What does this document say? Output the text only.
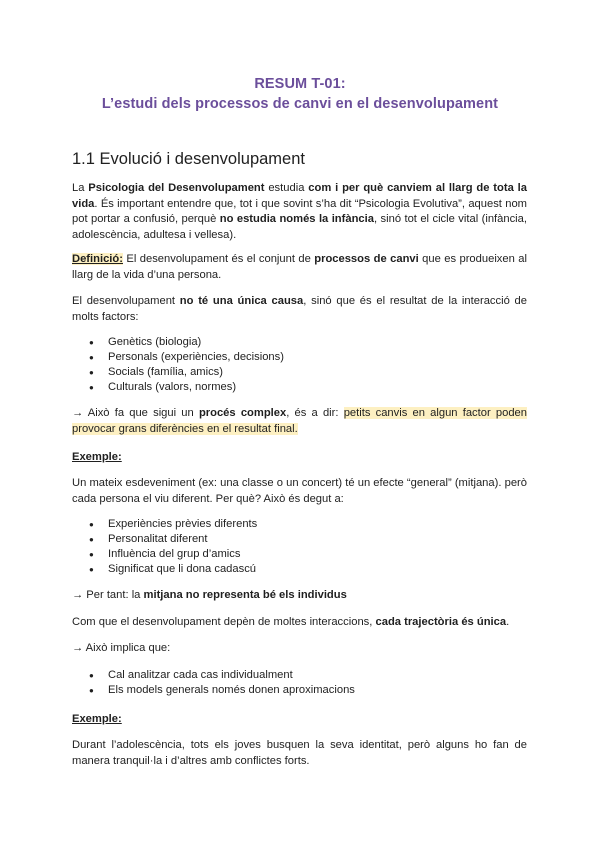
RESUM T-01:
L’estudi dels processos de canvi en el desenvolupament
1.1 Evolució i desenvolupament

La Psicologia del Desenvolupament estudia com i per què canviem al llarg de tota la vida. És important entendre que, tot i que sovint s’ha dit “Psicologia Evolutiva”, aquest nom pot portar a confusió, perquè no estudia només la infància, sinó tot el cicle vital (infància, adolescència, adultesa i vellesa).

Definició: El desenvolupament és el conjunt de processos de canvi que es produeixen al llarg de la vida d’una persona.

El desenvolupament no té una única causa, sinó que és el resultat de la interacció de molts factors:

● Genètics (biologia)
● Personals (experiències, decisions)
● Socials (família, amics)
● Culturals (valors, normes)

→ Això fa que sigui un procés complex, és a dir: petits canvis en algun factor poden provocar grans diferències en el resultat final.

Exemple:

Un mateix esdeveniment (ex: una classe o un concert) té un efecte “general” (mitjana). però cada persona el viu diferent. Per què? Això és degut a:

● Experiències prèvies diferents
● Personalitat diferent
● Influència del grup d’amics
● Significat que li dona cadascú

→ Per tant: la mitjana no representa bé els individus

Com que el desenvolupament depèn de moltes interaccions, cada trajectòria és única.

→ Això implica que:

● Cal analitzar cada cas individualment
● Els models generals només donen aproximacions

Exemple:

Durant l’adolescència, tots els joves busquen la seva identitat, però alguns ho fan de manera tranquil·la i d’altres amb conflictes forts.
